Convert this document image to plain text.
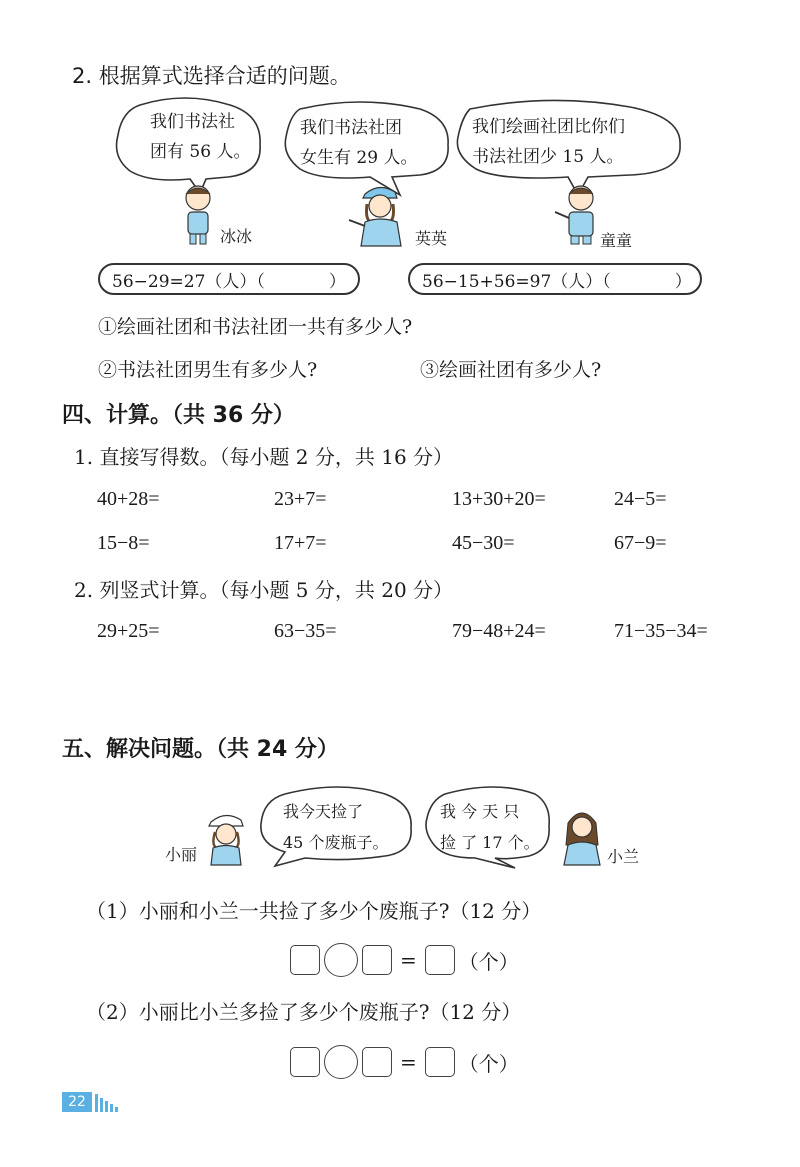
2. 根据算式选择合适的问题。
我们书法社
团有 56 人。
我们书法社团
女生有 29 人。
我们绘画社团比你们
书法社团少 15 人。
冰冰	英英	童童
56−29=27（人）（	）	56−15+56=97（人）（	）
①绘画社团和书法社团一共有多少人?
②书法社团男生有多少人?	③绘画社团有多少人?
四、计算。（共 36 分）
1. 直接写得数。（每小题 2 分，共 16 分）
40+28=	23+7=	13+30+20=	24−5=
15−8=	17+7=	45−30=	67−9=
2. 列竖式计算。（每小题 5 分，共 20 分）
29+25=	63−35=	79−48+24=	71−35−34=
五、解决问题。（共 24 分）
我今天捡了
45 个废瓶子。
我 今 天 只
捡 了 17 个。
小丽	小兰
（1）小丽和小兰一共捡了多少个废瓶子?（12 分）
= （个）
（2）小丽比小兰多捡了多少个废瓶子?（12 分）
= （个）
22
